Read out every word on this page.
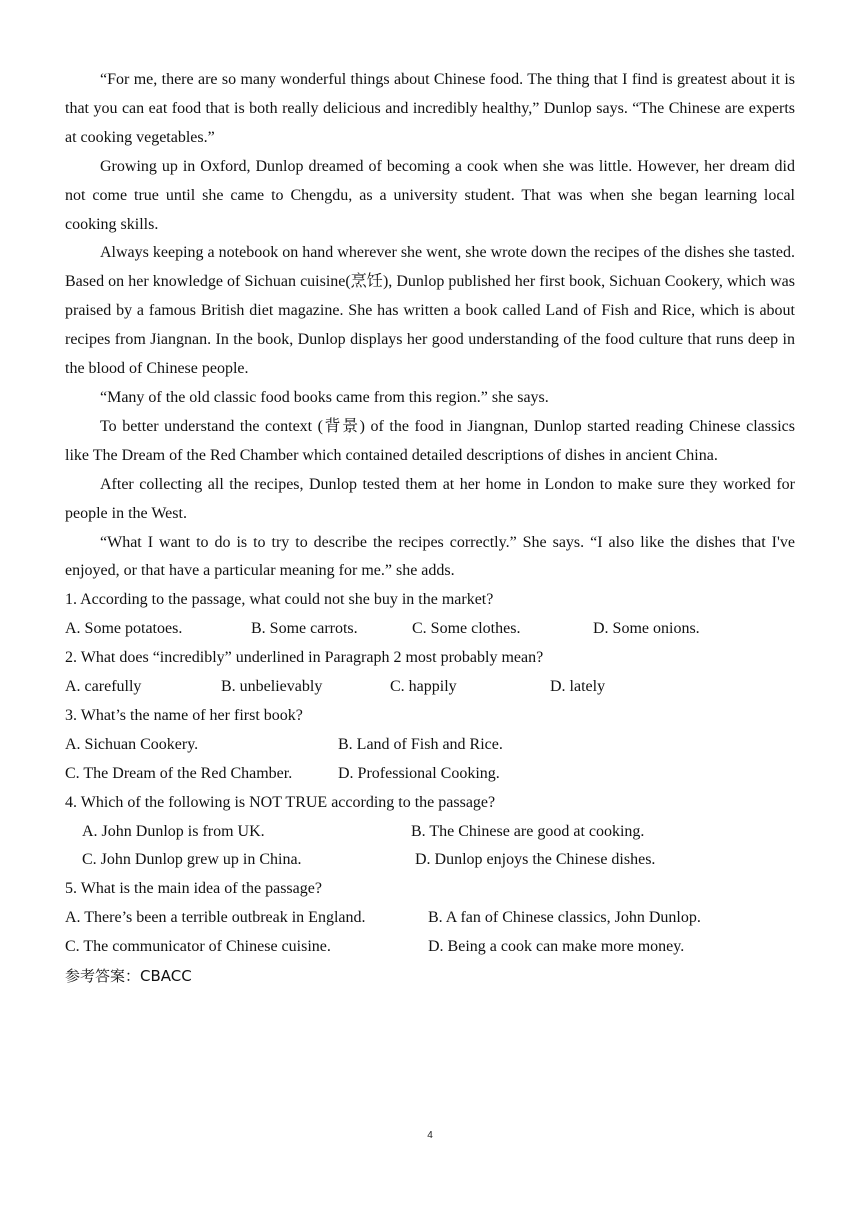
“For me, there are so many wonderful things about Chinese food. The thing that I find is greatest about it is that you can eat food that is both really delicious and incredibly healthy,” Dunlop says. “The Chinese are experts at cooking vegetables.”

Growing up in Oxford, Dunlop dreamed of becoming a cook when she was little. However, her dream did not come true until she came to Chengdu, as a university student. That was when she began learning local cooking skills.

Always keeping a notebook on hand wherever she went, she wrote down the recipes of the dishes she tasted. Based on her knowledge of Sichuan cuisine(烹饪), Dunlop published her first book, Sichuan Cookery, which was praised by a famous British diet magazine. She has written a book called Land of Fish and Rice, which is about recipes from Jiangnan. In the book, Dunlop displays her good understanding of the food culture that runs deep in the blood of Chinese people.

“Many of the old classic food books came from this region.” she says.

To better understand the context (背景) of the food in Jiangnan, Dunlop started reading Chinese classics like The Dream of the Red Chamber which contained detailed descriptions of dishes in ancient China.

After collecting all the recipes, Dunlop tested them at her home in London to make sure they worked for people in the West.

“What I want to do is to try to describe the recipes correctly.” She says. “I also like the dishes that I've enjoyed, or that have a particular meaning for me.” she adds.

1. According to the passage, what could not she buy in the market?

A. Some potatoes.	B. Some carrots.	C. Some clothes.	D. Some onions.

2. What does “incredibly” underlined in Paragraph 2 most probably mean?

A. carefully	B. unbelievably	C. happily	D. lately

3. What’s the name of her first book?

A. Sichuan Cookery.	B. Land of Fish and Rice.
C. The Dream of the Red Chamber.	D. Professional Cooking.

4. Which of the following is NOT TRUE according to the passage?

A. John Dunlop is from UK.	B. The Chinese are good at cooking.
C. John Dunlop grew up in China.	D. Dunlop enjoys the Chinese dishes.

5. What is the main idea of the passage?

A. There’s been a terrible outbreak in England.	B. A fan of Chinese classics, John Dunlop.
C. The communicator of Chinese cuisine.	D. Being a cook can make more money.

参考答案：CBACC

4
